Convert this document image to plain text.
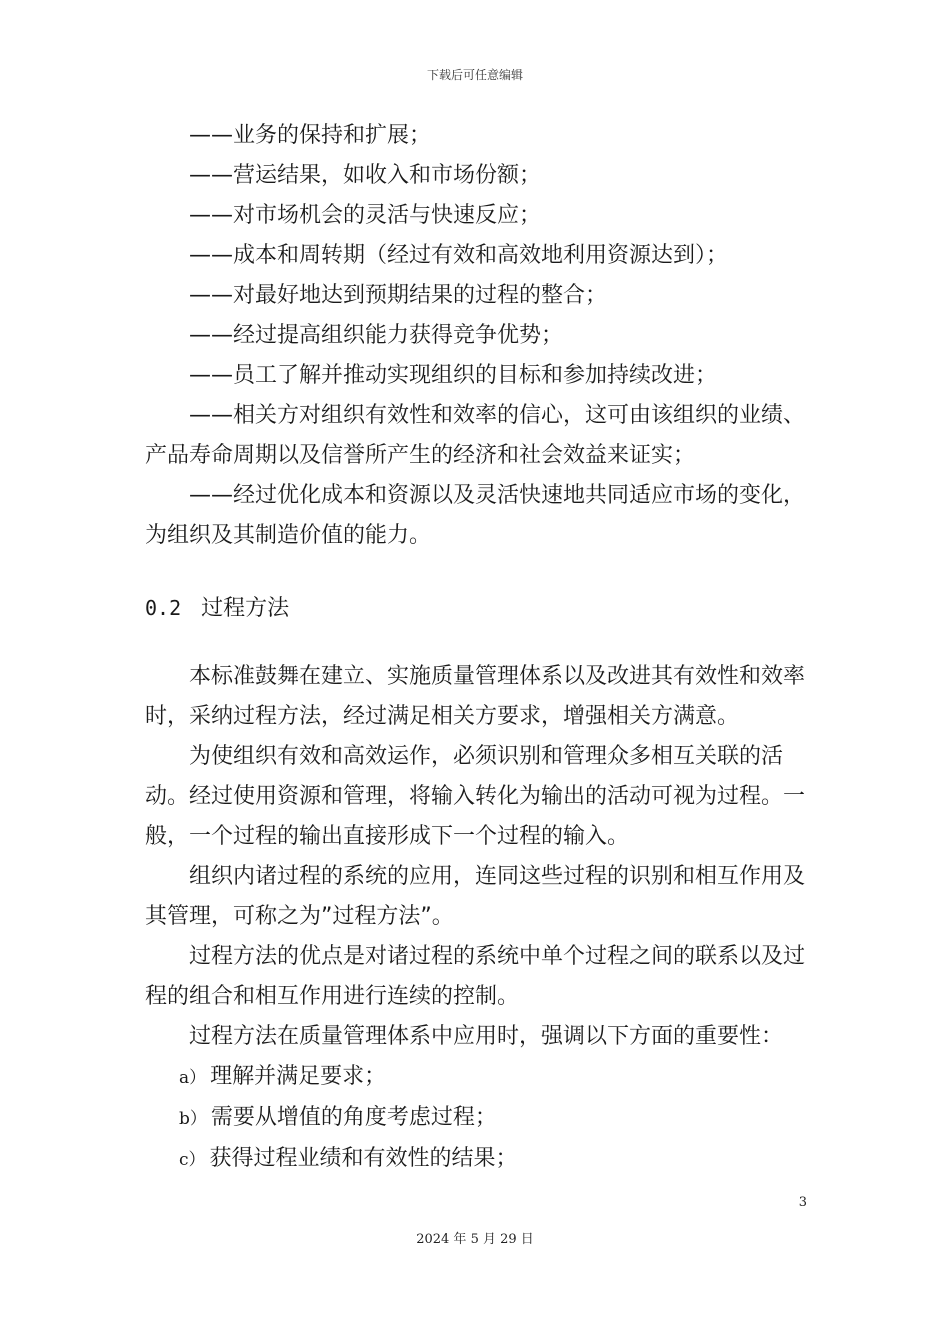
下载后可任意编辑

——业务的保持和扩展；

——营运结果，如收入和市场份额；

——对市场机会的灵活与快速反应；

——成本和周转期（经过有效和高效地利用资源达到）；

——对最好地达到预期结果的过程的整合；

——经过提高组织能力获得竞争优势；

——员工了解并推动实现组织的目标和参加持续改进；

——相关方对组织有效性和效率的信心，这可由该组织的业绩、产品寿命周期以及信誉所产生的经济和社会效益来证实；

——经过优化成本和资源以及灵活快速地共同适应市场的变化，为组织及其制造价值的能力。

0.2 过程方法

本标准鼓舞在建立、实施质量管理体系以及改进其有效性和效率时，采纳过程方法，经过满足相关方要求，增强相关方满意。

为使组织有效和高效运作，必须识别和管理众多相互关联的活动。经过使用资源和管理，将输入转化为输出的活动可视为过程。一般，一个过程的输出直接形成下一个过程的输入。

组织内诸过程的系统的应用，连同这些过程的识别和相互作用及其管理，可称之为”过程方法”。

过程方法的优点是对诸过程的系统中单个过程之间的联系以及过程的组合和相互作用进行连续的控制。

过程方法在质量管理体系中应用时，强调以下方面的重要性：

a） 理解并满足要求；

b） 需要从增值的角度考虑过程；

c） 获得过程业绩和有效性的结果；

3
2024 年 5 月 29 日
